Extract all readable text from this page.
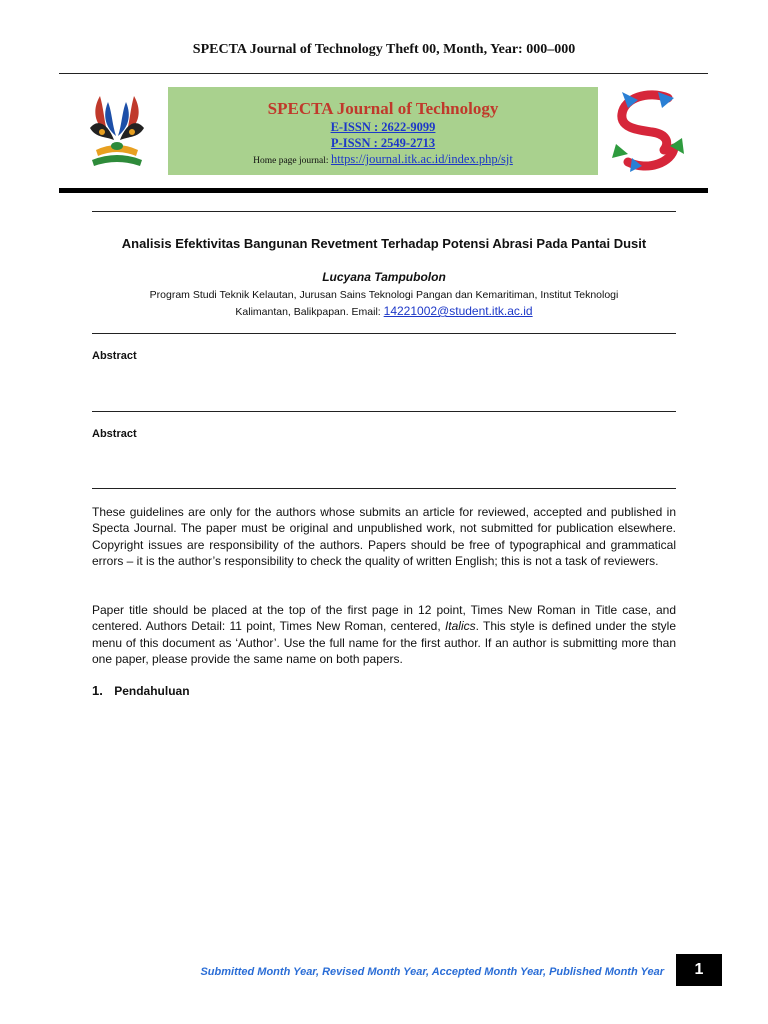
SPECTA Journal of Technology Theft 00, Month, Year: 000–000
SPECTA Journal of Technology
E-ISSN : 2622-9099
P-ISSN : 2549-2713
Home page journal: https://journal.itk.ac.id/index.php/sjt
Analisis Efektivitas Bangunan Revetment Terhadap Potensi Abrasi Pada Pantai Dusit
Lucyana Tampubolon
Program Studi Teknik Kelautan, Jurusan Sains Teknologi Pangan dan Kemaritiman, Institut Teknologi
Kalimantan, Balikpapan. Email: 14221002@student.itk.ac.id
Abstract
Abstract
These guidelines are only for the authors whose submits an article for reviewed, accepted and published in Specta Journal. The paper must be original and unpublished work, not submitted for publication elsewhere. Copyright issues are responsibility of the authors. Papers should be free of typographical and grammatical errors – it is the author’s responsibility to check the quality of written English; this is not a task of reviewers.
Paper title should be placed at the top of the first page in 12 point, Times New Roman in Title case, and centered. Authors Detail: 11 point, Times New Roman, centered, Italics. This style is defined under the style menu of this document as ‘Author’. Use the full name for the first author. If an author is submitting more than one paper, please provide the same name on both papers.
1. Pendahuluan
Submitted Month Year, Revised Month Year, Accepted Month Year, Published Month Year	1
